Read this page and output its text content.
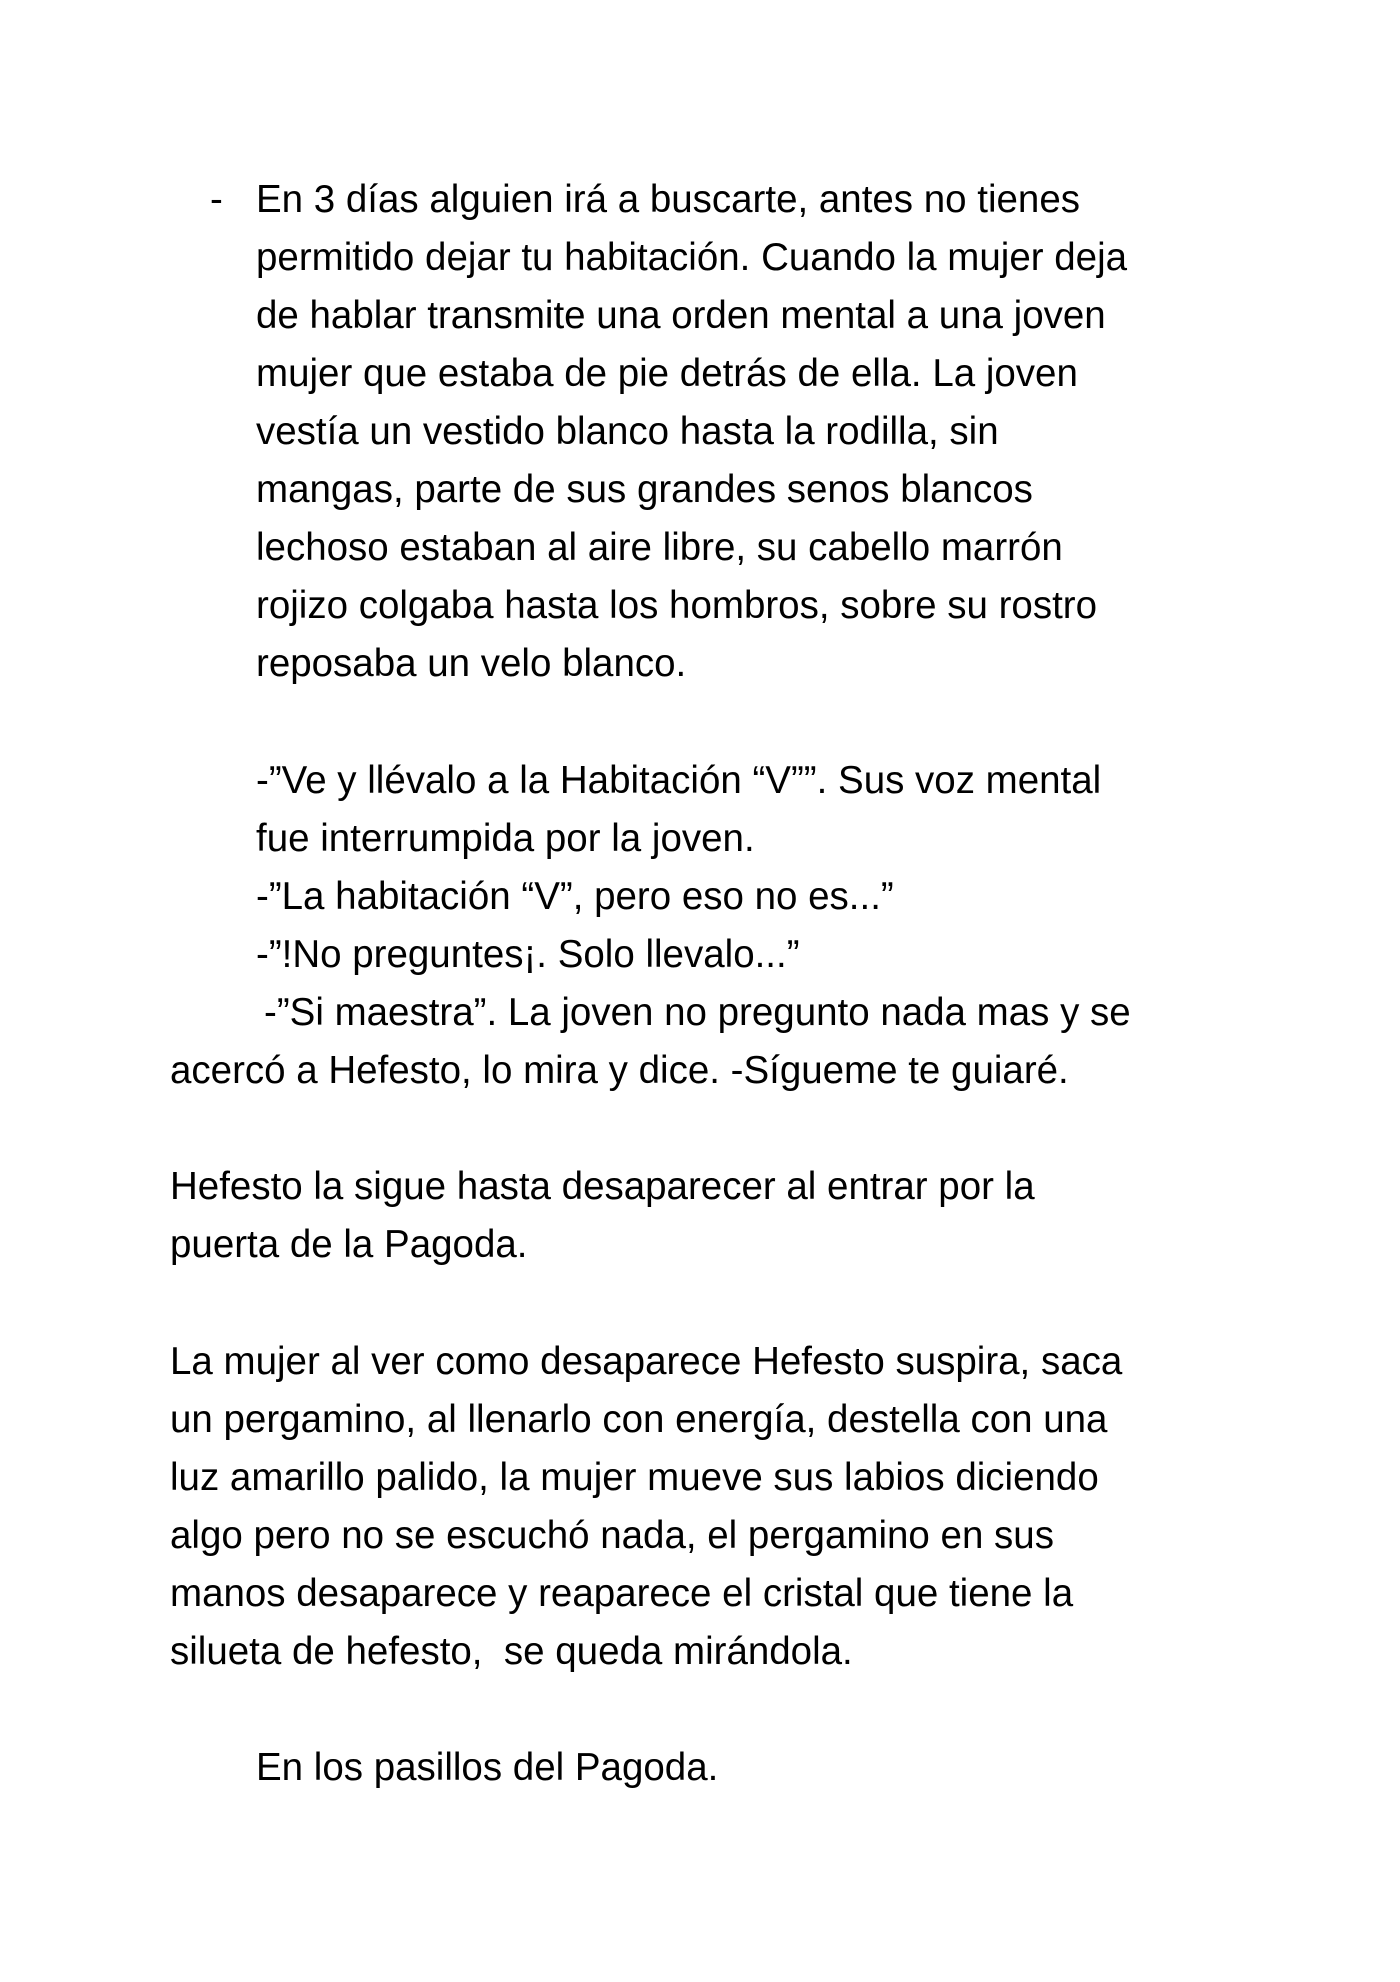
- En 3 días alguien irá a buscarte, antes no tienes
permitido dejar tu habitación. Cuando la mujer deja
de hablar transmite una orden mental a una joven
mujer que estaba de pie detrás de ella. La joven
vestía un vestido blanco hasta la rodilla, sin
mangas, parte de sus grandes senos blancos
lechoso estaban al aire libre, su cabello marrón
rojizo colgaba hasta los hombros, sobre su rostro
reposaba un velo blanco.
-”Ve y llévalo a la Habitación “V””. Sus voz mental
fue interrumpida por la joven.
-”La habitación “V”, pero eso no es...”
-”!No preguntes¡. Solo llevalo...”
-”Si maestra”. La joven no pregunto nada mas y se
acercó a Hefesto, lo mira y dice. -Sígueme te guiaré.
Hefesto la sigue hasta desaparecer al entrar por la
puerta de la Pagoda.
La mujer al ver como desaparece Hefesto suspira, saca
un pergamino, al llenarlo con energía, destella con una
luz amarillo palido, la mujer mueve sus labios diciendo
algo pero no se escuchó nada, el pergamino en sus
manos desaparece y reaparece el cristal que tiene la
silueta de hefesto,  se queda mirándola.
En los pasillos del Pagoda.
